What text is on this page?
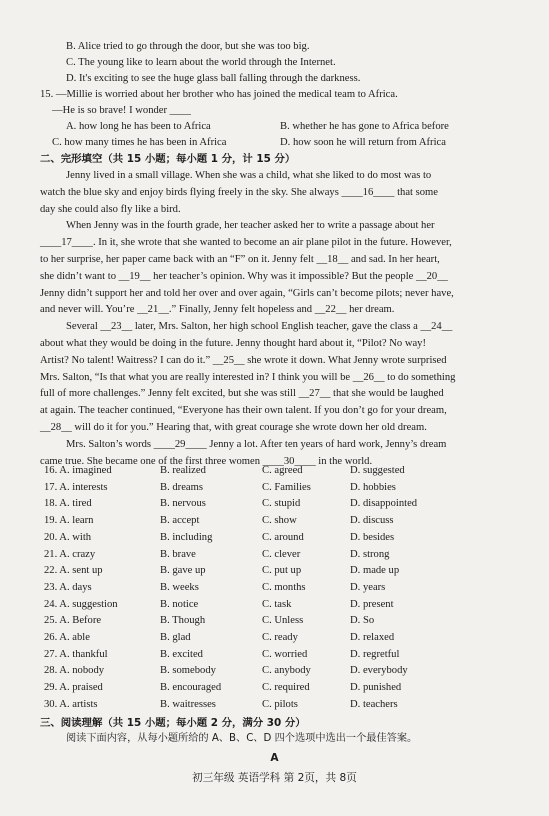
B. Alice tried to go through the door, but she was too big.
C. The young like to learn about the world through the Internet.
D. It's exciting to see the huge glass ball falling through the darkness.
15. —Millie is worried about her brother who has joined the medical team to Africa.
—He is so brave! I wonder ____
A. how long he has been to Africa	B. whether he has gone to Africa before
C. how many times he has been in Africa	D. how soon he will return from Africa
二、完形填空（共 15 小题；每小题 1 分，计 15 分）
Jenny lived in a small village. When she was a child, what she liked to do most was to
watch the blue sky and enjoy birds flying freely in the sky. She always ____16____ that some
day she could also fly like a bird.
When Jenny was in the fourth grade, her teacher asked her to write a passage about her
____17____. In it, she wrote that she wanted to become an air plane pilot in the future. However,
to her surprise, her paper came back with an “F” on it. Jenny felt __18__ and sad. In her heart,
she didn’t want to __19__ her teacher’s opinion. Why was it impossible? But the people __20__
Jenny didn’t support her and told her over and over again, “Girls can’t become pilots; never have,
and never will. You’re __21__.” Finally, Jenny felt hopeless and __22__ her dream.
Several __23__ later, Mrs. Salton, her high school English teacher, gave the class a __24__
about what they would be doing in the future. Jenny thought hard about it, “Pilot? No way!
Artist? No talent! Waitress? I can do it.” __25__ she wrote it down. What Jenny wrote surprised
Mrs. Salton, “Is that what you are really interested in? I think you will be __26__ to do something
full of more challenges.” Jenny felt excited, but she was still __27__ that she would be laughed
at again. The teacher continued, “Everyone has their own talent. If you don’t go for your dream,
__28__ will do it for you.” Hearing that, with great courage she wrote down her old dream.
Mrs. Salton’s words ____29____ Jenny a lot. After ten years of hard work, Jenny’s dream
came true. She became one of the first three women ____30____ in the world.
16. A. imagined	B. realized	C. agreed	D. suggested
17. A. interests	B. dreams	C. Families	D. hobbies
18. A. tired	B. nervous	C. stupid	D. disappointed
19. A. learn	B. accept	C. show	D. discuss
20. A. with	B. including	C. around	D. besides
21. A. crazy	B. brave	C. clever	D. strong
22. A. sent up	B. gave up	C. put up	D. made up
23. A. days	B. weeks	C. months	D. years
24. A. suggestion	B. notice	C. task	D. present
25. A. Before	B. Though	C. Unless	D. So
26. A. able	B. glad	C. ready	D. relaxed
27. A. thankful	B. excited	C. worried	D. regretful
28. A. nobody	B. somebody	C. anybody	D. everybody
29. A. praised	B. encouraged	C. required	D. punished
30. A. artists	B. waitresses	C. pilots	D. teachers
三、阅读理解（共 15 小题；每小题 2 分，满分 30 分）
阅读下面内容，从每小题所给的 A、B、C、D 四个选项中选出一个最佳答案。
A
初三年级 英语学科 第 2页，共 8页
